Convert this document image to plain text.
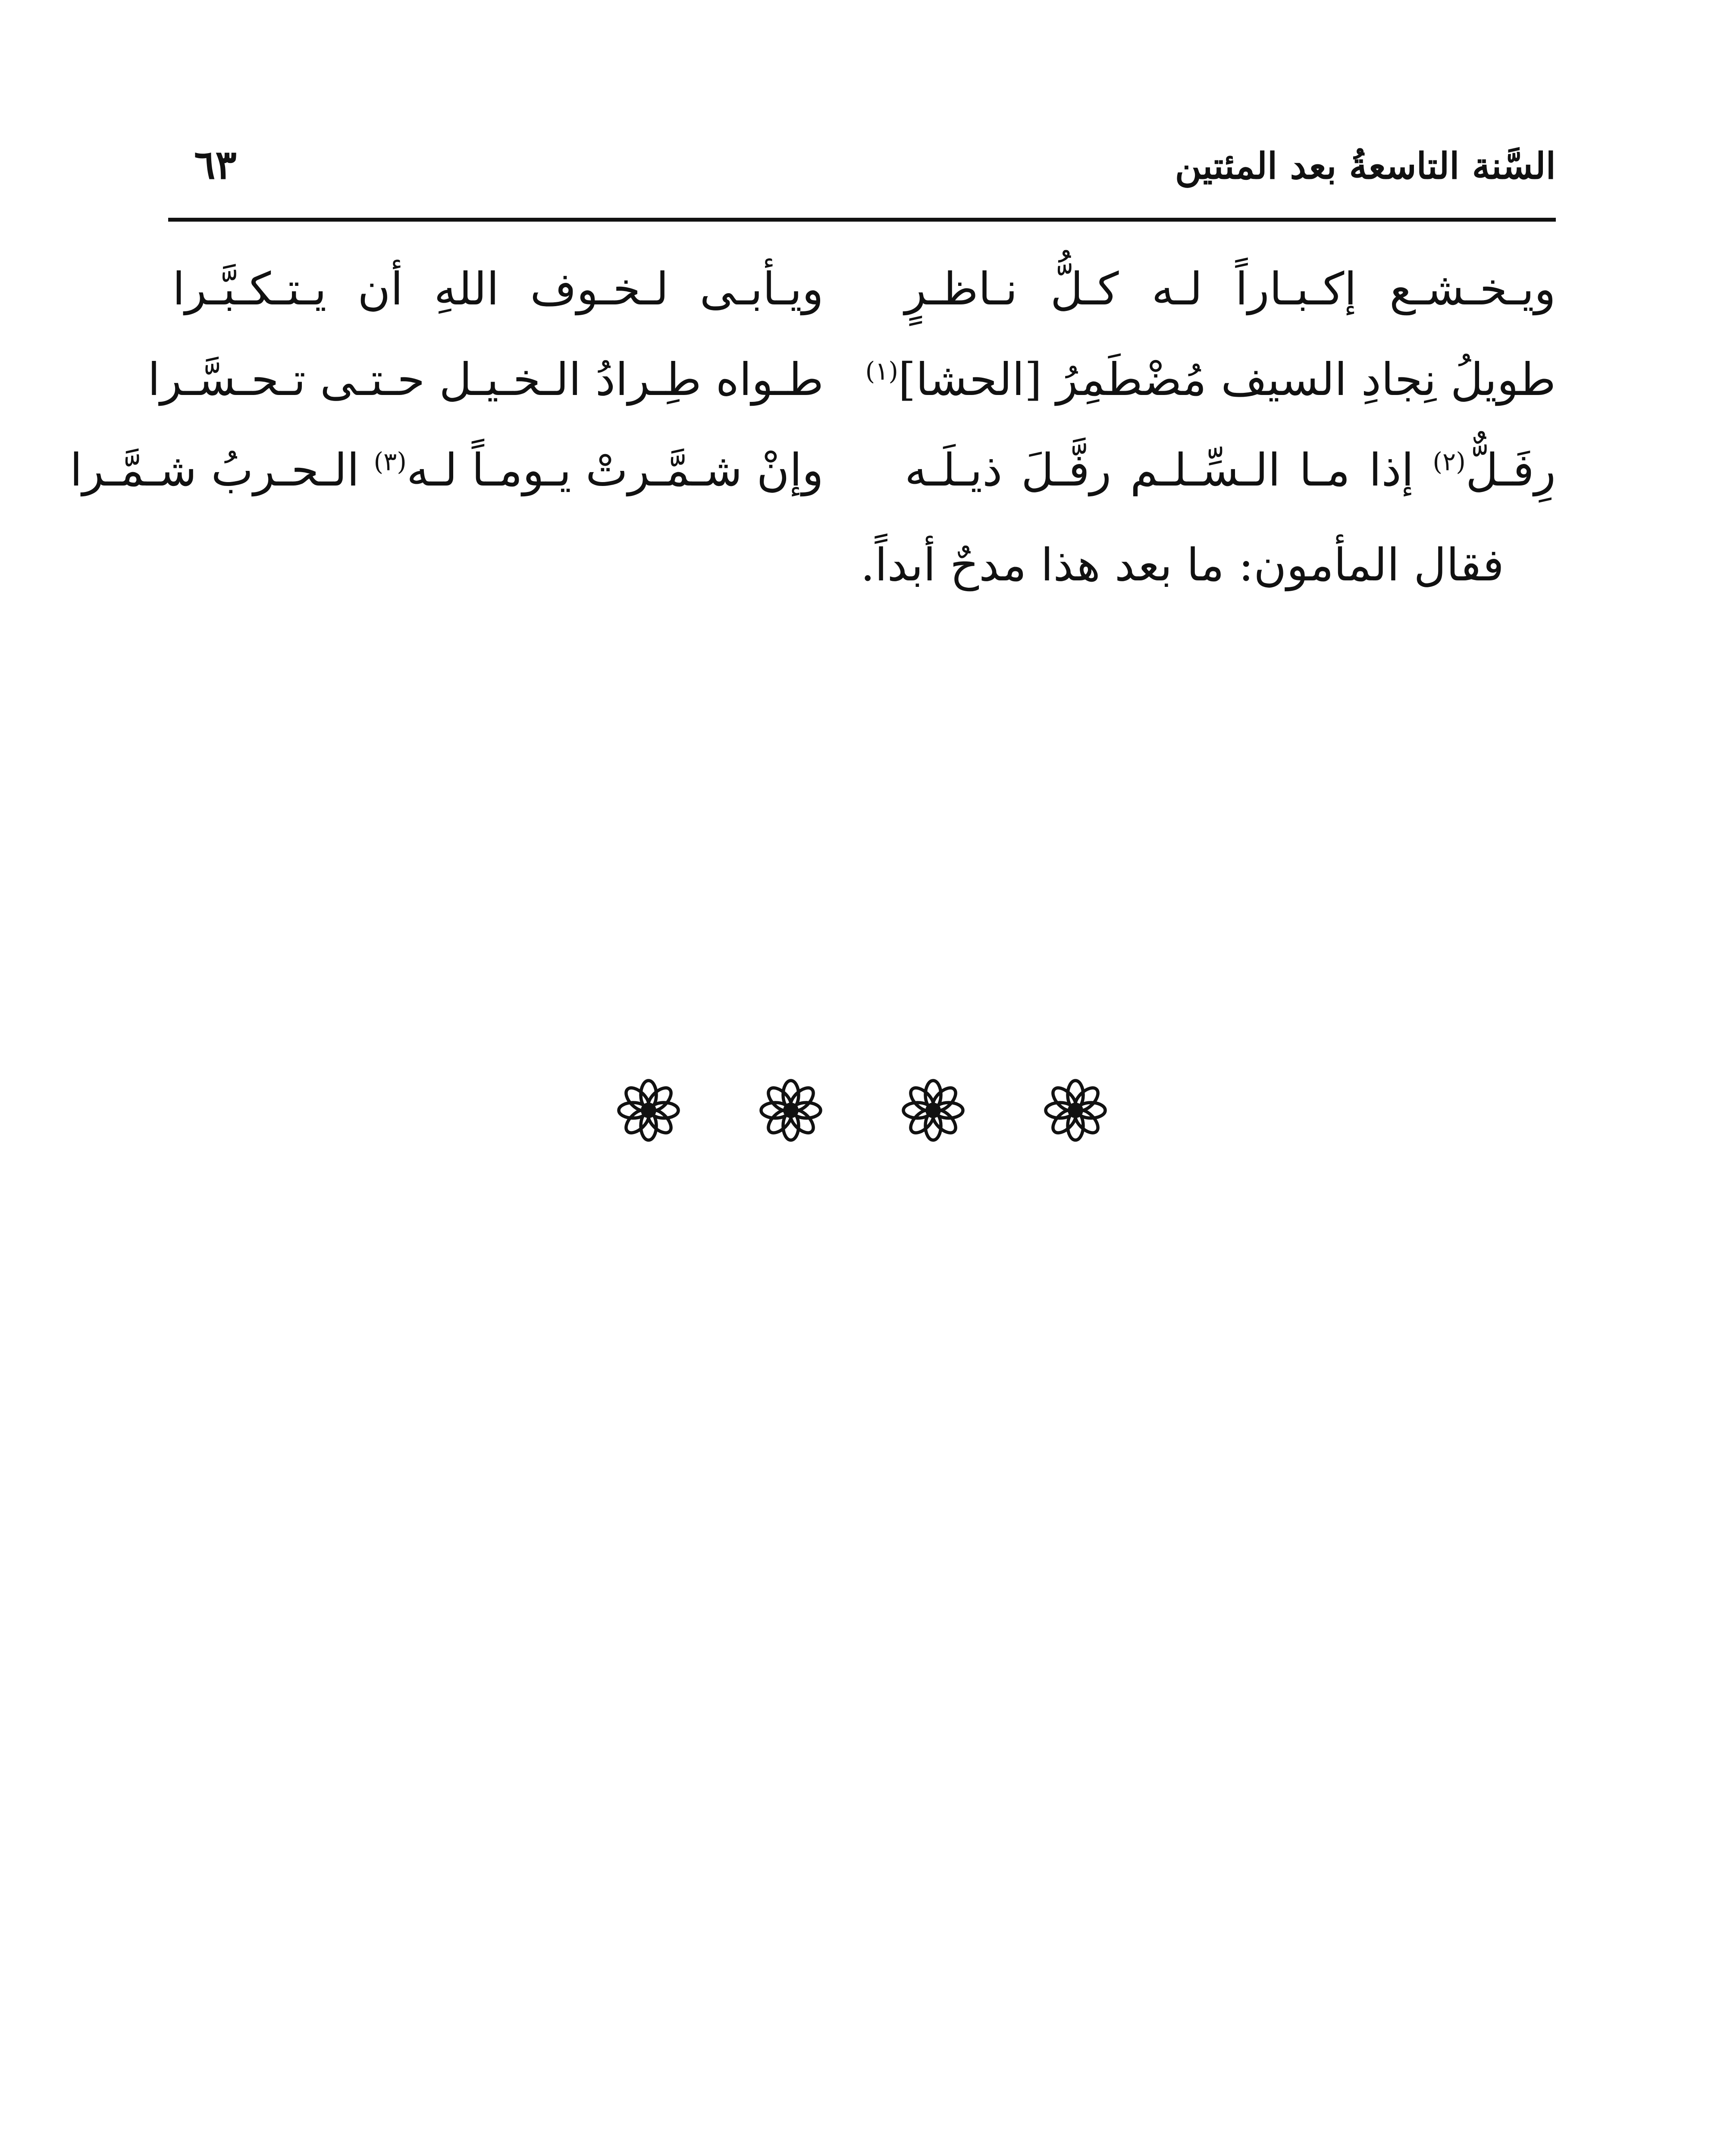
السَّنة التاسعةُ بعد المئتين
٦٣
ويـخـشـع إكـبـاراً لـه كـلُّ نـاظـرٍ
ويـأبـى لـخـوف اللهِ أن يـتـكـبَّـرا
طويلُ نِجادِ السيف مُضْطَمِرُ [الحشا]$^{(١)}$
طـواه طِـرادُ الـخـيـل حـتـى تـحـسَّـرا
رِفَـلٌّ$^{(٢)}$ إذا مـا الـسِّـلـم رفَّـلَ ذيـلَـه
وإنْ شـمَّـرتْ يـومـاً لـه$^{(٣)}$ الـحـربُ شـمَّـرا
فقال المأمون: ما بعد هذا مدحٌ أبداً.
